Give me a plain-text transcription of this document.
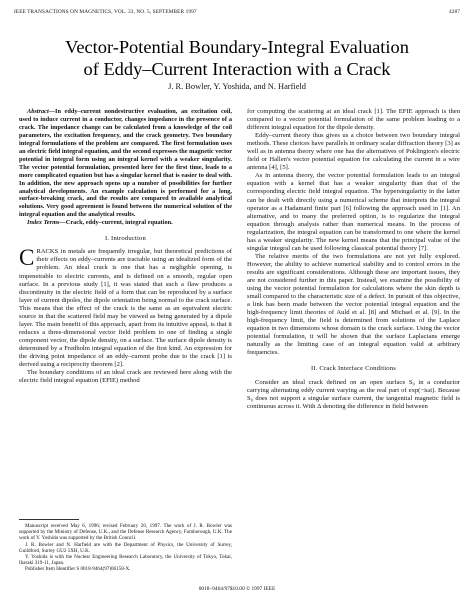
IEEE TRANSACTIONS ON MAGNETICS, VOL. 33, NO. 5, SEPTEMBER 1997	4287
Vector-Potential Boundary-Integral Evaluation
of Eddy–Current Interaction with a Crack
J. R. Bowler, Y. Yoshida, and N. Harfield

Abstract—In eddy–current nondestructive evaluation, an excitation coil, used to induce current in a conductor, changes impedance in the presence of a crack. The impedance change can be calculated from a knowledge of the coil parameters, the excitation frequency, and the crack geometry. Two boundary integral formulations of the problem are compared. The first formulation uses an electric field integral equation, and the second expresses the magnetic vector potential in integral form using an integral kernel with a weaker singularity. The vector potential formulation, presented here for the first time, leads to a more complicated equation but has a singular kernel that is easier to deal with. In addition, the new approach opens up a number of possibilities for further analytical developments. An example calculation is performed for a long, surface-breaking crack, and the results are compared to available analytical solutions. Very good agreement is found between the numerical solution of the integral equation and the analytical results.

Index Terms—Crack, eddy–current, integral equation.

I. Introduction

CRACKS in metals are frequently irregular, but theoretical predictions of their effects on eddy–currents are tractable using an idealized form of the problem. An ideal crack is one that has a negligible opening, is impenetrable to electric currents, and is defined on a smooth, regular open surface. In a previous study [1], it was stated that such a flaw produces a discontinuity in the electric field of a form that can be reproduced by a surface layer of current dipoles, the dipole orientation being normal to the crack surface. This means that the effect of the crack is the same as an equivalent electric source in that the scattered field may be viewed as being generated by a dipole layer. The main benefit of this approach, apart from its intuitive appeal, is that it reduces a three-dimensional vector field problem to one of finding a single component vector, the dipole density, on a surface. The surface dipole density is determined by a Fredholm integral equation of the first kind. An expression for the driving point impedance of an eddy–current probe due to the crack [1] is derived using a reciprocity theorem [2].

The boundary conditions of an ideal crack are reviewed here along with the electric field integral equation (EFIE) method

Manuscript received May 6, 1996; revised February 20, 1997. The work of J. R. Bowler was supported by the Ministry of Defense, U.K., and the Defense Research Agency, Farnborough, U.K. The work of Y. Yoshida was supported by the British Council.

J. R. Bowler and N. Harfield are with the Department of Physics, the University of Surrey, Guildford, Surrey GU2 5XH, U.K.

Y. Yoshida is with the Nuclear Engineering Research Laboratory, the University of Tokyo, Tokai, Ibaraki 319-11, Japan.

Publisher Item Identifier S 0018-9464(97)06158-X.

for computing the scattering at an ideal crack [1]. The EFIE approach is then compared to a vector potential formulation of the same problem leading to a different integral equation for the dipole density.

Eddy–current theory thus gives us a choice between two boundary integral methods. These choices have parallels in ordinary scalar diffraction theory [3] as well as in antenna theory where one has the alternatives of Poklington's electric field or Hallen's vector potential equation for calculating the current in a wire antenna [4], [5].

As in antenna theory, the vector potential formulation leads to an integral equation with a kernel that has a weaker singularity than that of the corresponding electric field integral equation. The hypersingularity in the latter can be dealt with directly using a numerical scheme that interprets the integral operator as a Hadamard finite part [6] following the approach used in [1]. An alternative, and to many the preferred option, is to regularize the integral equation through analysis rather than numerical means. In the process of regularization, the integral equation can be transformed to one where the kernel has a weaker singularity. The new kernel means that the principal value of the singular integral can be used following classical potential theory [7].

The relative merits of the two formulations are not yet fully explored. However, the ability to achieve numerical stability and to control errors in the results are significant considerations. Although these are important issues, they are not considered further in this paper. Instead, we examine the possibility of using the vector potential formulation for calculations where the skin depth is small compared to the characteristic size of a defect. In pursuit of this objective, a link has been made between the vector potential integral equation and the high-frequency limit theories of Auld et al. [8] and Michael et al. [9]. In the high-frequency limit, the field is determined from solutions of the Laplace equation in two dimensions whose domain is the crack surface. Using the vector potential formulation, it will be shown that the surface Laplacians emerge naturally as the limiting case of an integral equation valid at arbitrary frequencies.

II. Crack Interface Conditions

Consider an ideal crack defined on an open surface S₀ in a conductor carrying alternating eddy current varying as the real part of exp(−iωt). Because S₀ does not support a singular surface current, the tangential magnetic field is continuous across it. With Δ denoting the difference in field between

0018–9464/97$10.00 © 1997 IEEE
